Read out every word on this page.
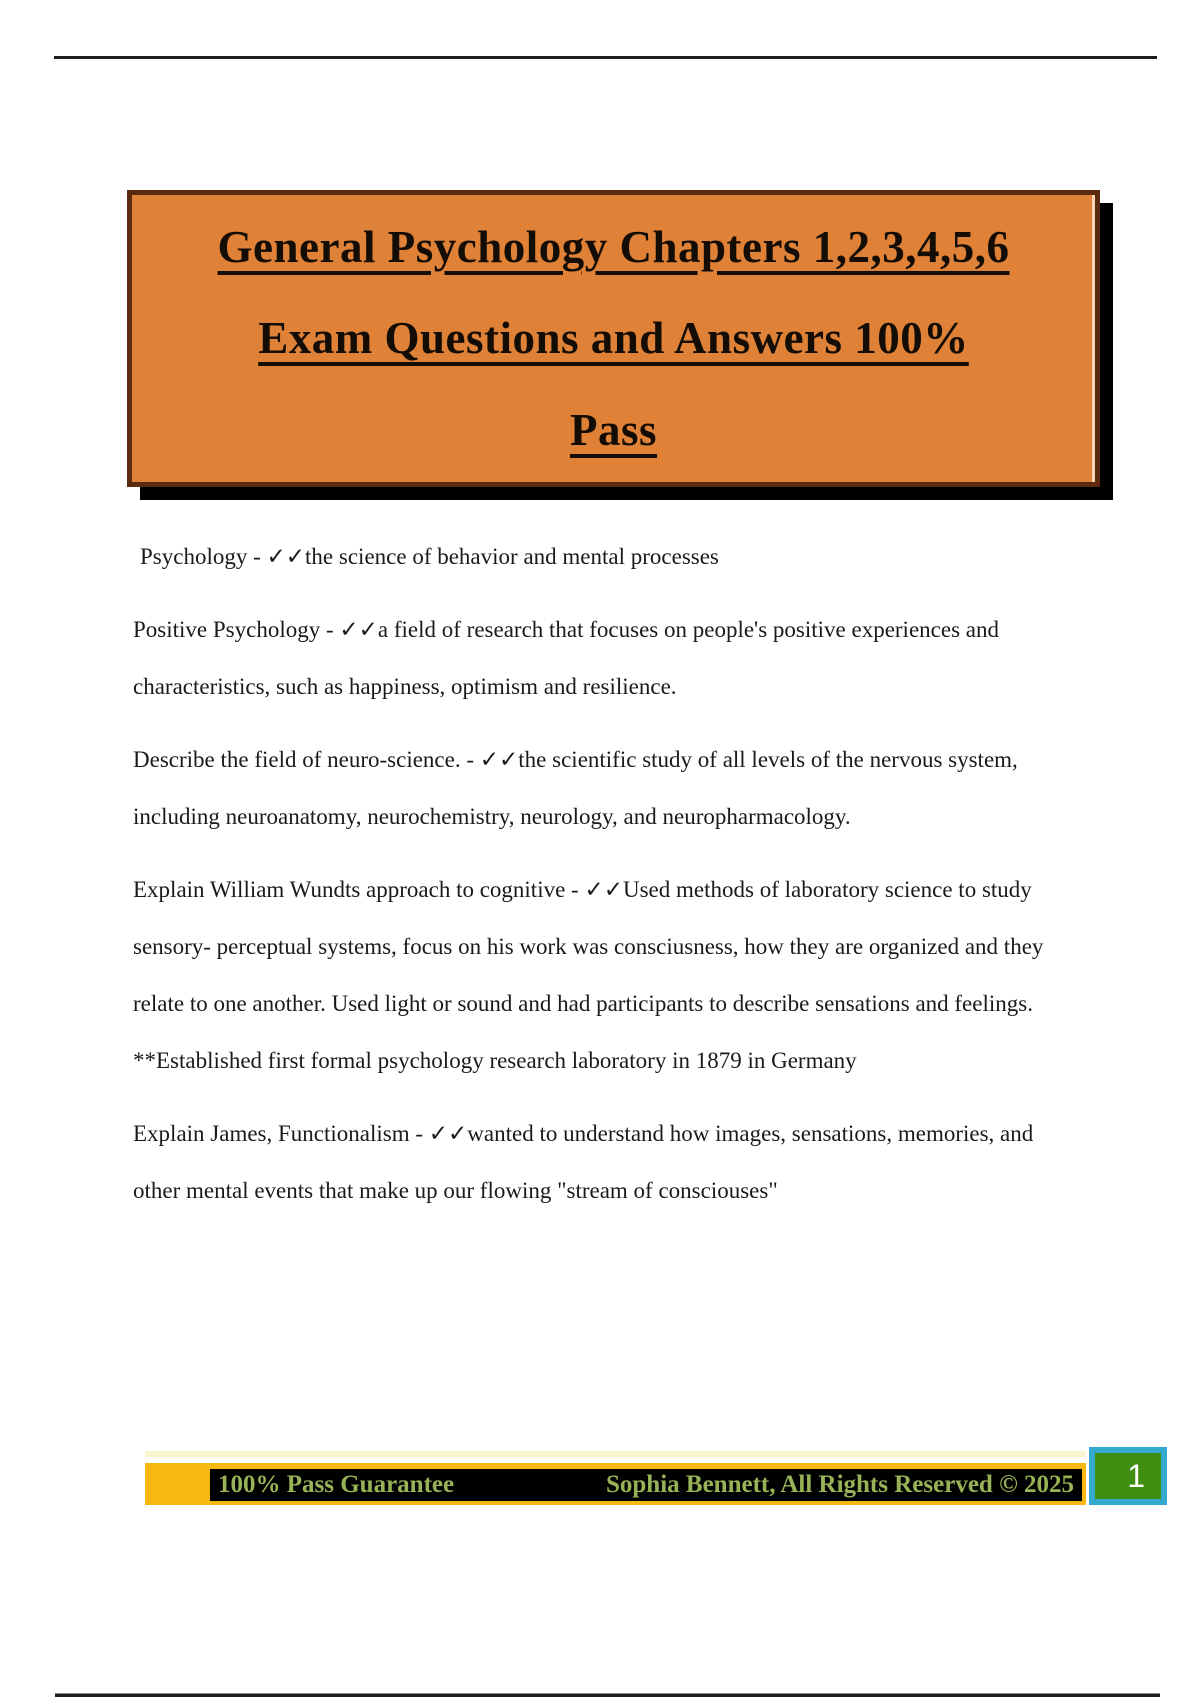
General Psychology Chapters 1,2,3,4,5,6
Exam Questions and Answers 100%
Pass

Psychology - ✓✓the science of behavior and mental processes

Positive Psychology - ✓✓a field of research that focuses on people's positive experiences and characteristics, such as happiness, optimism and resilience.

Describe the field of neuro-science. - ✓✓the scientific study of all levels of the nervous system, including neuroanatomy, neurochemistry, neurology, and neuropharmacology.

Explain William Wundts approach to cognitive - ✓✓Used methods of laboratory science to study sensory- perceptual systems, focus on his work was consciusness, how they are organized and they relate to one another. Used light or sound and had participants to describe sensations and feelings. **Established first formal psychology research laboratory in 1879 in Germany

Explain James, Functionalism - ✓✓wanted to understand how images, sensations, memories, and other mental events that make up our flowing "stream of consciouses"

100% Pass Guarantee	Sophia Bennett, All Rights Reserved © 2025 1
